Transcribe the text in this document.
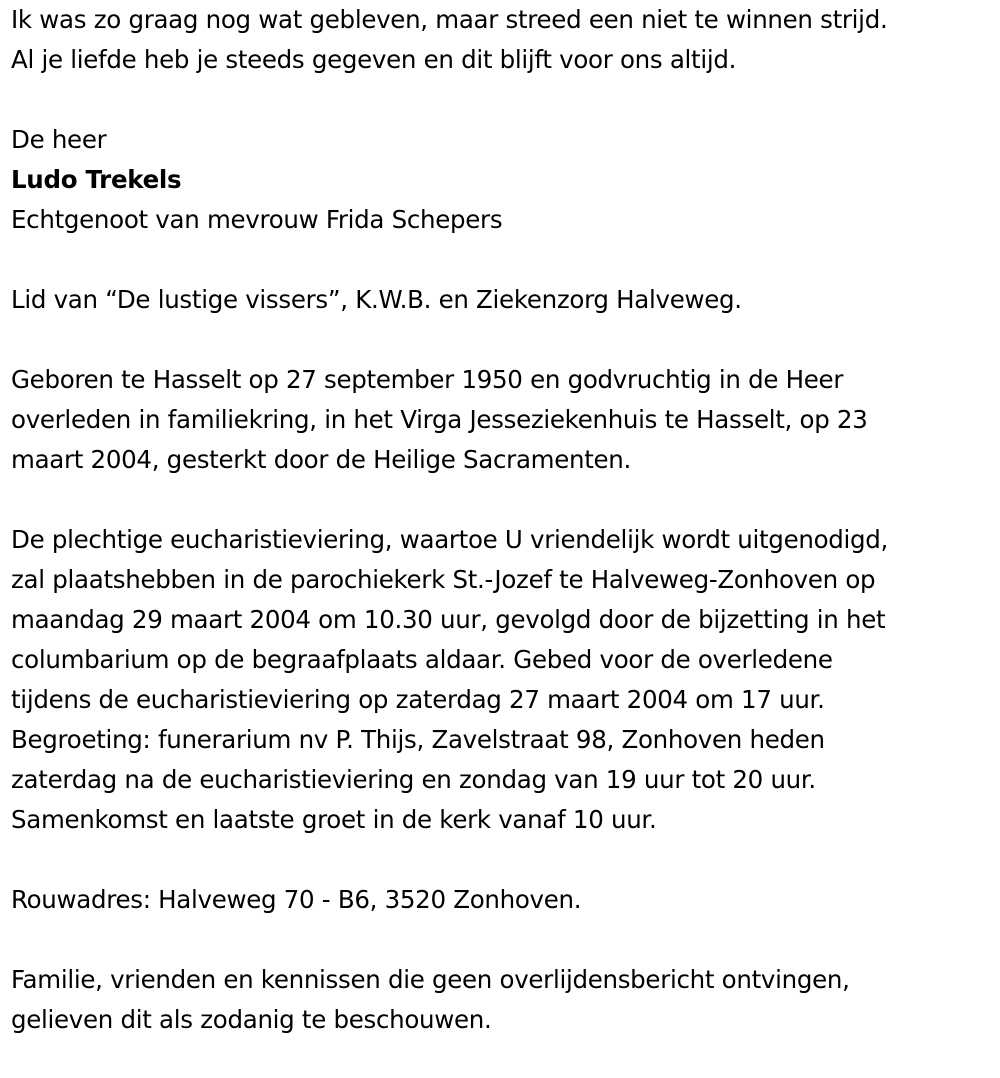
Ik was zo graag nog wat gebleven, maar streed een niet te winnen strijd.
Al je liefde heb je steeds gegeven en dit blijft voor ons altijd.
De heer
Ludo Trekels
Echtgenoot van mevrouw Frida Schepers
Lid van “De lustige vissers”, K.W.B. en Ziekenzorg Halveweg.
Geboren te Hasselt op 27 september 1950 en godvruchtig in de Heer
overleden in familiekring, in het Virga Jesseziekenhuis te Hasselt, op 23
maart 2004, gesterkt door de Heilige Sacramenten.
De plechtige eucharistieviering, waartoe U vriendelijk wordt uitgenodigd,
zal plaatshebben in de parochiekerk St.-Jozef te Halveweg-Zonhoven op
maandag 29 maart 2004 om 10.30 uur, gevolgd door de bijzetting in het
columbarium op de begraafplaats aldaar. Gebed voor de overledene
tijdens de eucharistieviering op zaterdag 27 maart 2004 om 17 uur.
Begroeting: funerarium nv P. Thijs, Zavelstraat 98, Zonhoven heden
zaterdag na de eucharistieviering en zondag van 19 uur tot 20 uur.
Samenkomst en laatste groet in de kerk vanaf 10 uur.
Rouwadres: Halveweg 70 - B6, 3520 Zonhoven.
Familie, vrienden en kennissen die geen overlijdensbericht ontvingen,
gelieven dit als zodanig te beschouwen.
